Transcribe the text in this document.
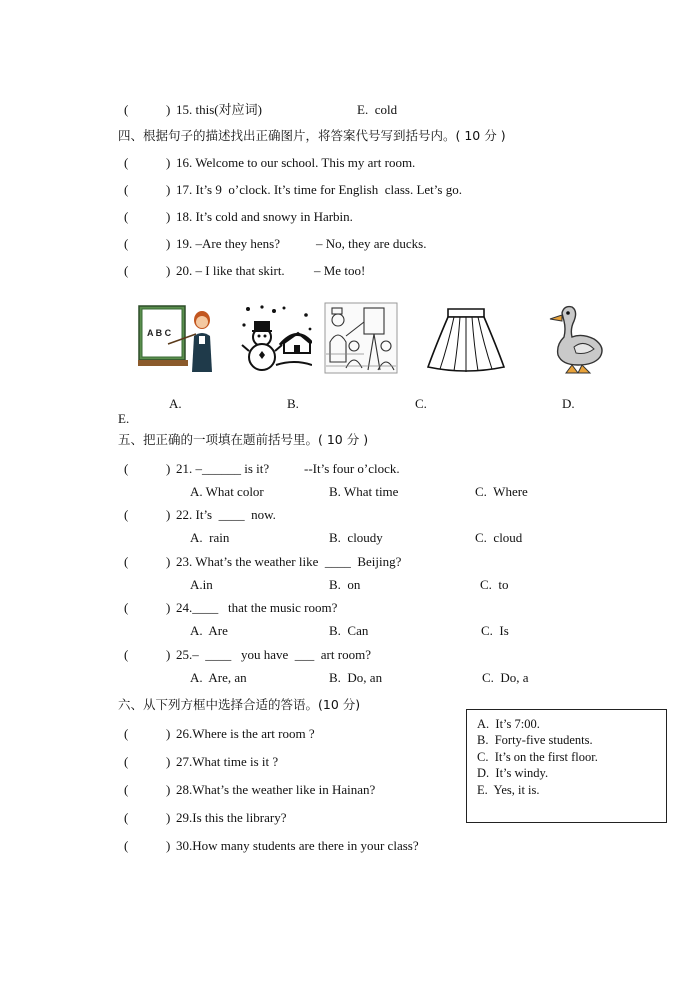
(	) 15. this(对应词)	E.  cold
四、根据句子的描述找出正确图片，将答案代号写到括号内。( 10 分 )
(	) 16. Welcome to our school. This my art room.
(	) 17. It’s 9  o’clock. It’s time for English  class. Let’s go.
(	) 18. It’s cold and snowy in Harbin.
(	) 19. –Are they hens?	– No, they are ducks.
(	) 20. – I like that skirt. – Me too!
A B C
A.	B.	C.	D.
E.
五、把正确的一项填在题前括号里。( 10 分 )
(	) 21. –______ is it?	--It’s four o’clock.
A. What color	B. What time	C.  Where
(	) 22. It’s  ____  now.
A.  rain	B.  cloudy	C.  cloud
(	) 23. What’s the weather like  ____  Beijing?
A.in	B.  on	C.  to
(	) 24.____   that the music room?
A.  Are	B.  Can	C.  Is
(	) 25.–  ____   you have  ___  art room?
A.  Are, an	B.  Do, an	C.  Do, a
六、从下列方框中选择合适的答语。(10 分)
(	) 26.Where is the art room ?
(	) 27.What time is it ?
(	) 28.What’s the weather like in Hainan?
(	) 29.Is this the library?
(	) 30.How many students are there in your class?
A.  It’s 7:00.
B.  Forty-five students.
C.  It’s on the first floor.
D.  It’s windy.
E.  Yes, it is.
